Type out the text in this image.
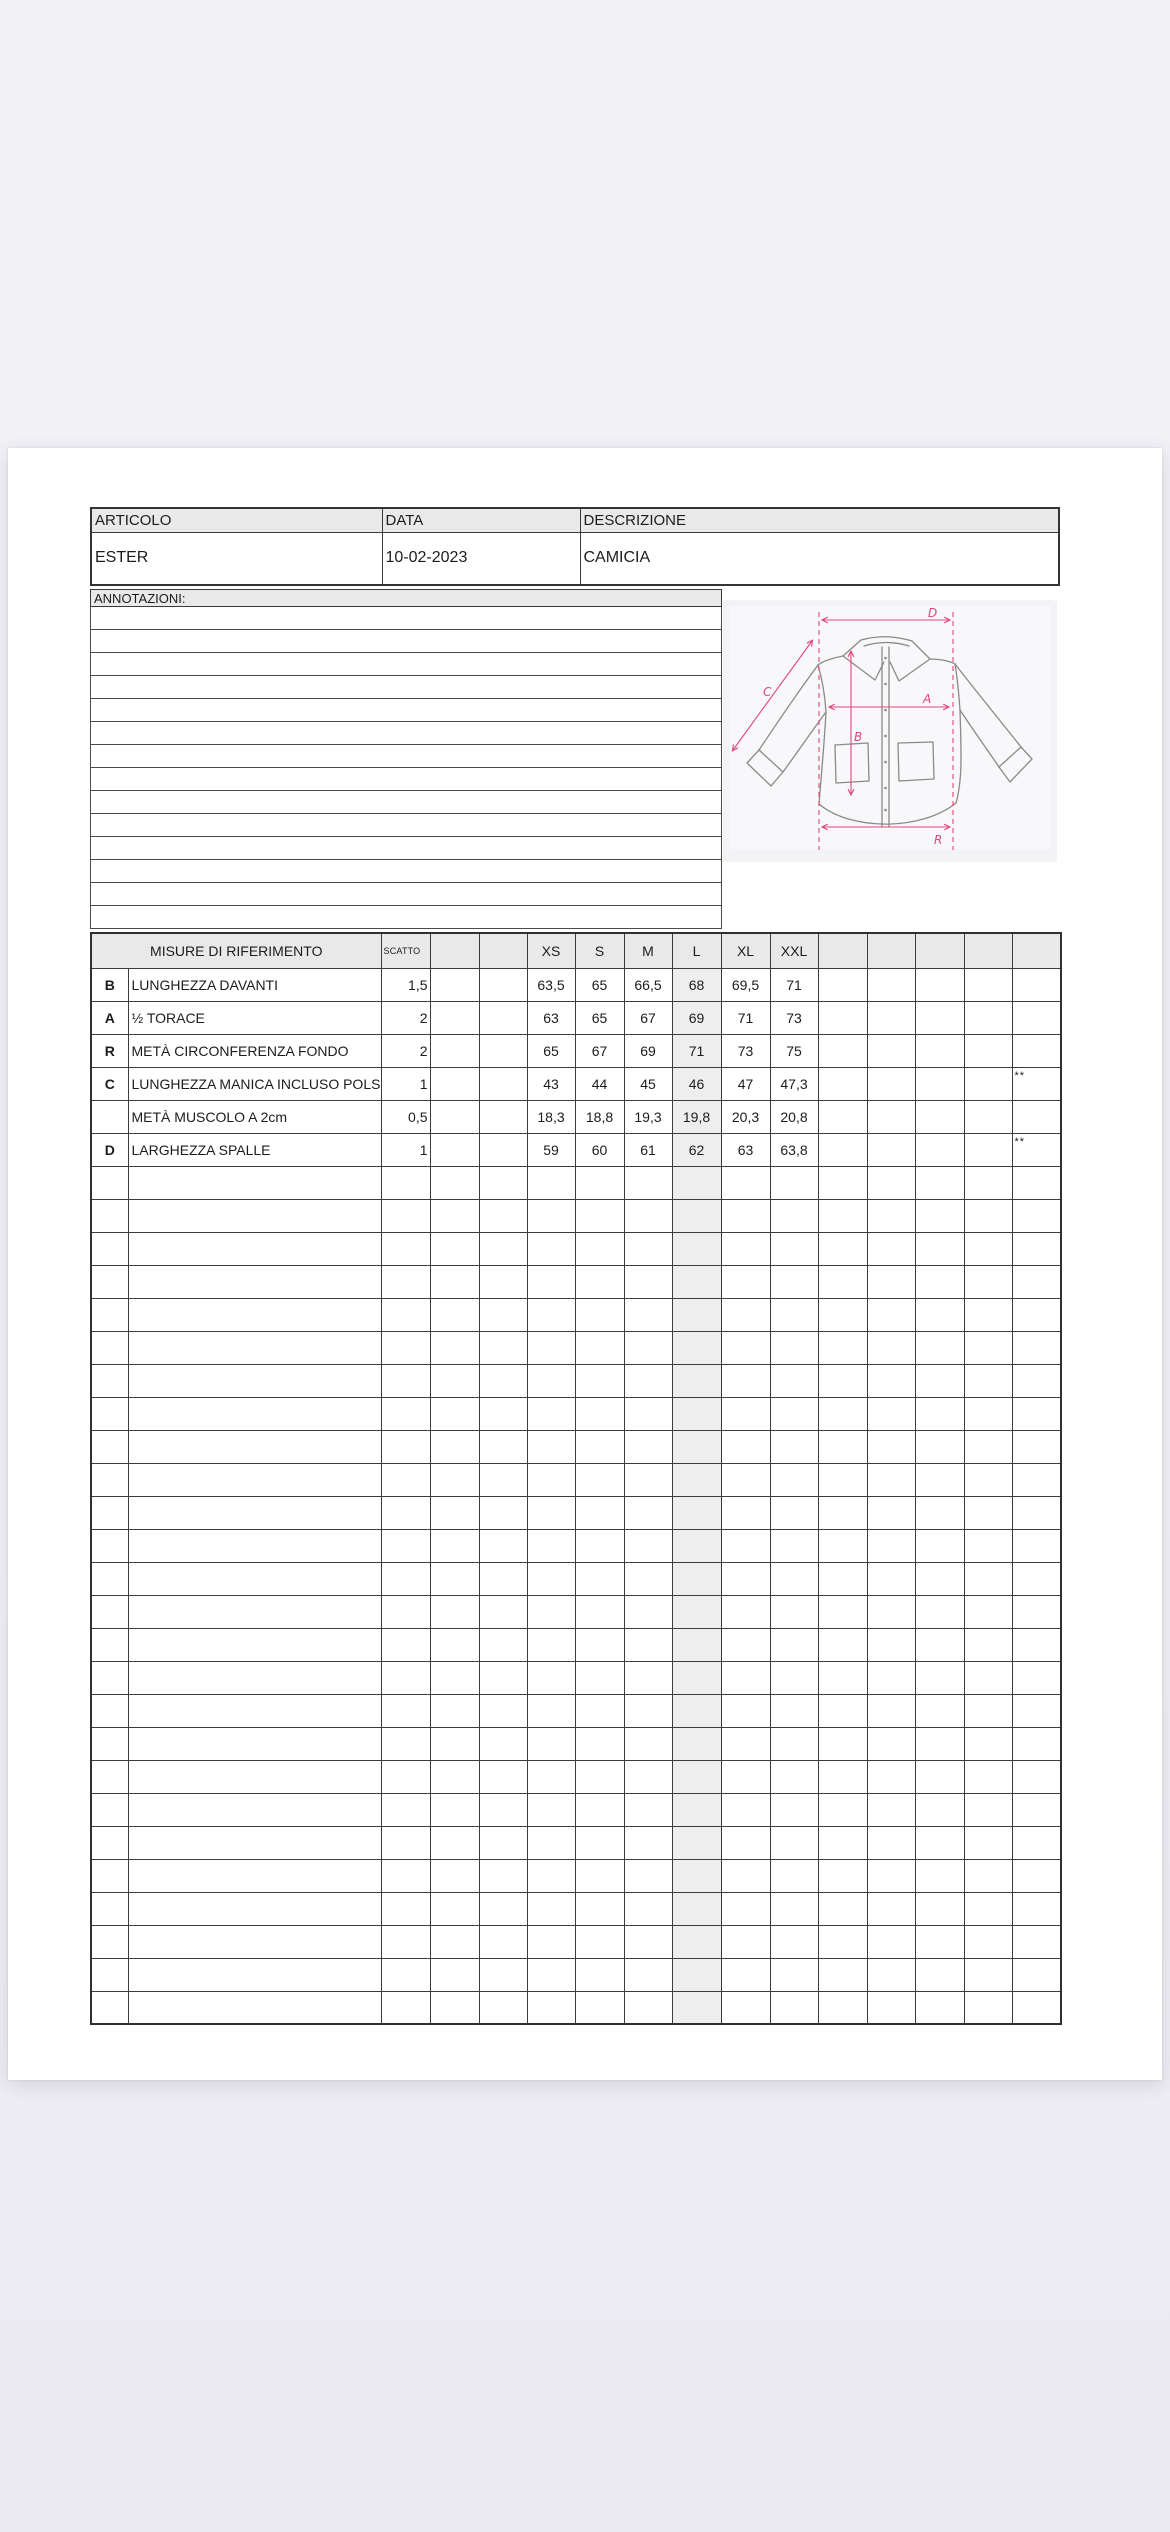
ARTICOLO	DATA	DESCRIZIONE
ESTER	10-02-2023	CAMICIA
ANNOTAZIONI:
D
C	A
B
R
MISURE DI RIFERIMENTO		SCATTO			XS	S	M	L	XL	XXL					
B	LUNGHEZZA DAVANTI	1,5			63,5	65	66,5	68	69,5	71					
A	½ TORACE	2			63	65	67	69	71	73					
R	METÀ CIRCONFERENZA FONDO	2			65	67	69	71	73	75					
C	LUNGHEZZA MANICA INCLUSO POLS	1			43	44	45	46	47	47,3					**
	METÀ MUSCOLO A 2cm	0,5			18,3	18,8	19,3	19,8	20,3	20,8					
D	LARGHEZZA SPALLE	1			59	60	61	62	63	63,8					**
